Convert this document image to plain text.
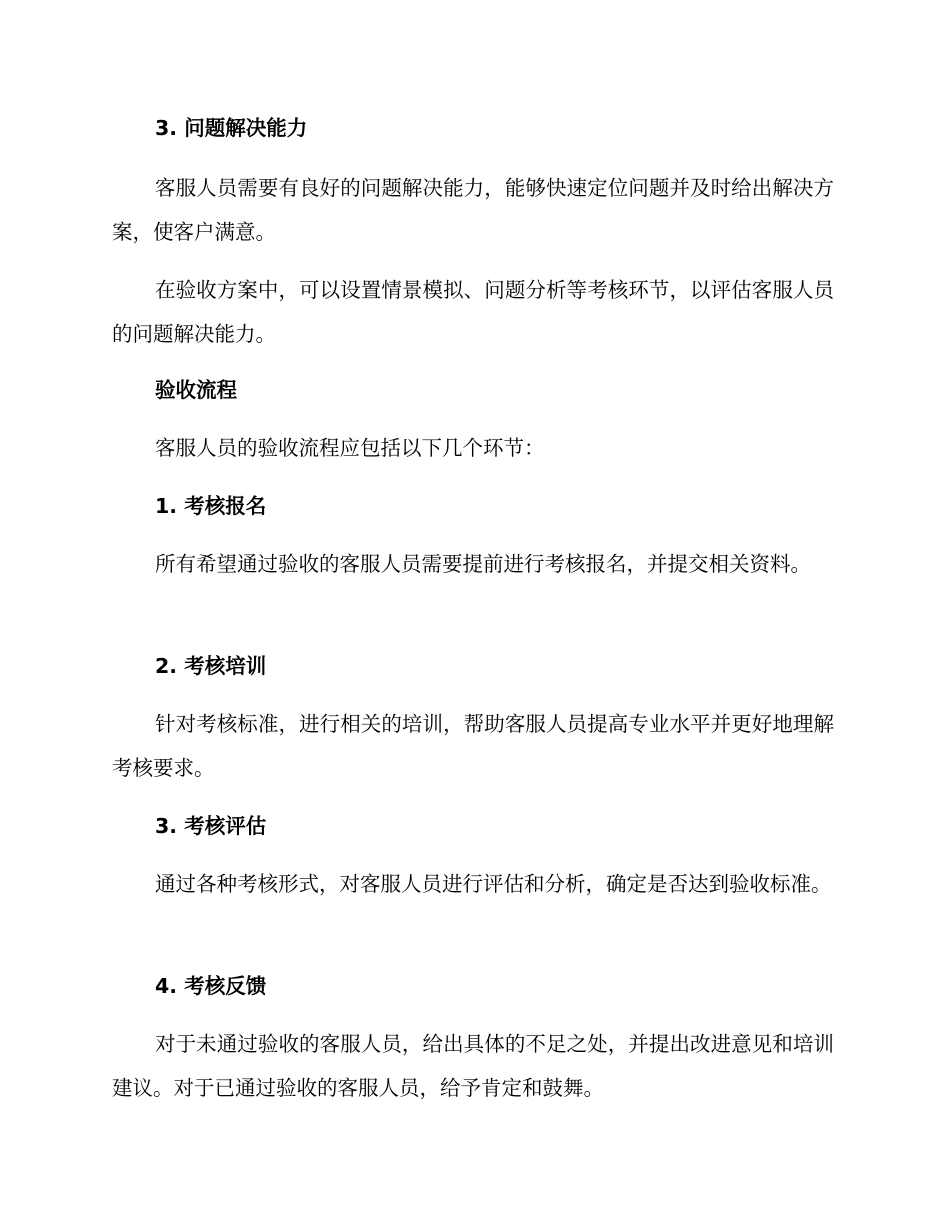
3. 问题解决能力

客服人员需要有良好的问题解决能力，能够快速定位问题并及时给出解决方案，使客户满意。

在验收方案中，可以设置情景模拟、问题分析等考核环节，以评估客服人员的问题解决能力。

验收流程

客服人员的验收流程应包括以下几个环节：

1. 考核报名

所有希望通过验收的客服人员需要提前进行考核报名，并提交相关资料。

2. 考核培训

针对考核标准，进行相关的培训，帮助客服人员提高专业水平并更好地理解考核要求。

3. 考核评估

通过各种考核形式，对客服人员进行评估和分析，确定是否达到验收标准。

4. 考核反馈

对于未通过验收的客服人员，给出具体的不足之处，并提出改进意见和培训建议。对于已通过验收的客服人员，给予肯定和鼓舞。
